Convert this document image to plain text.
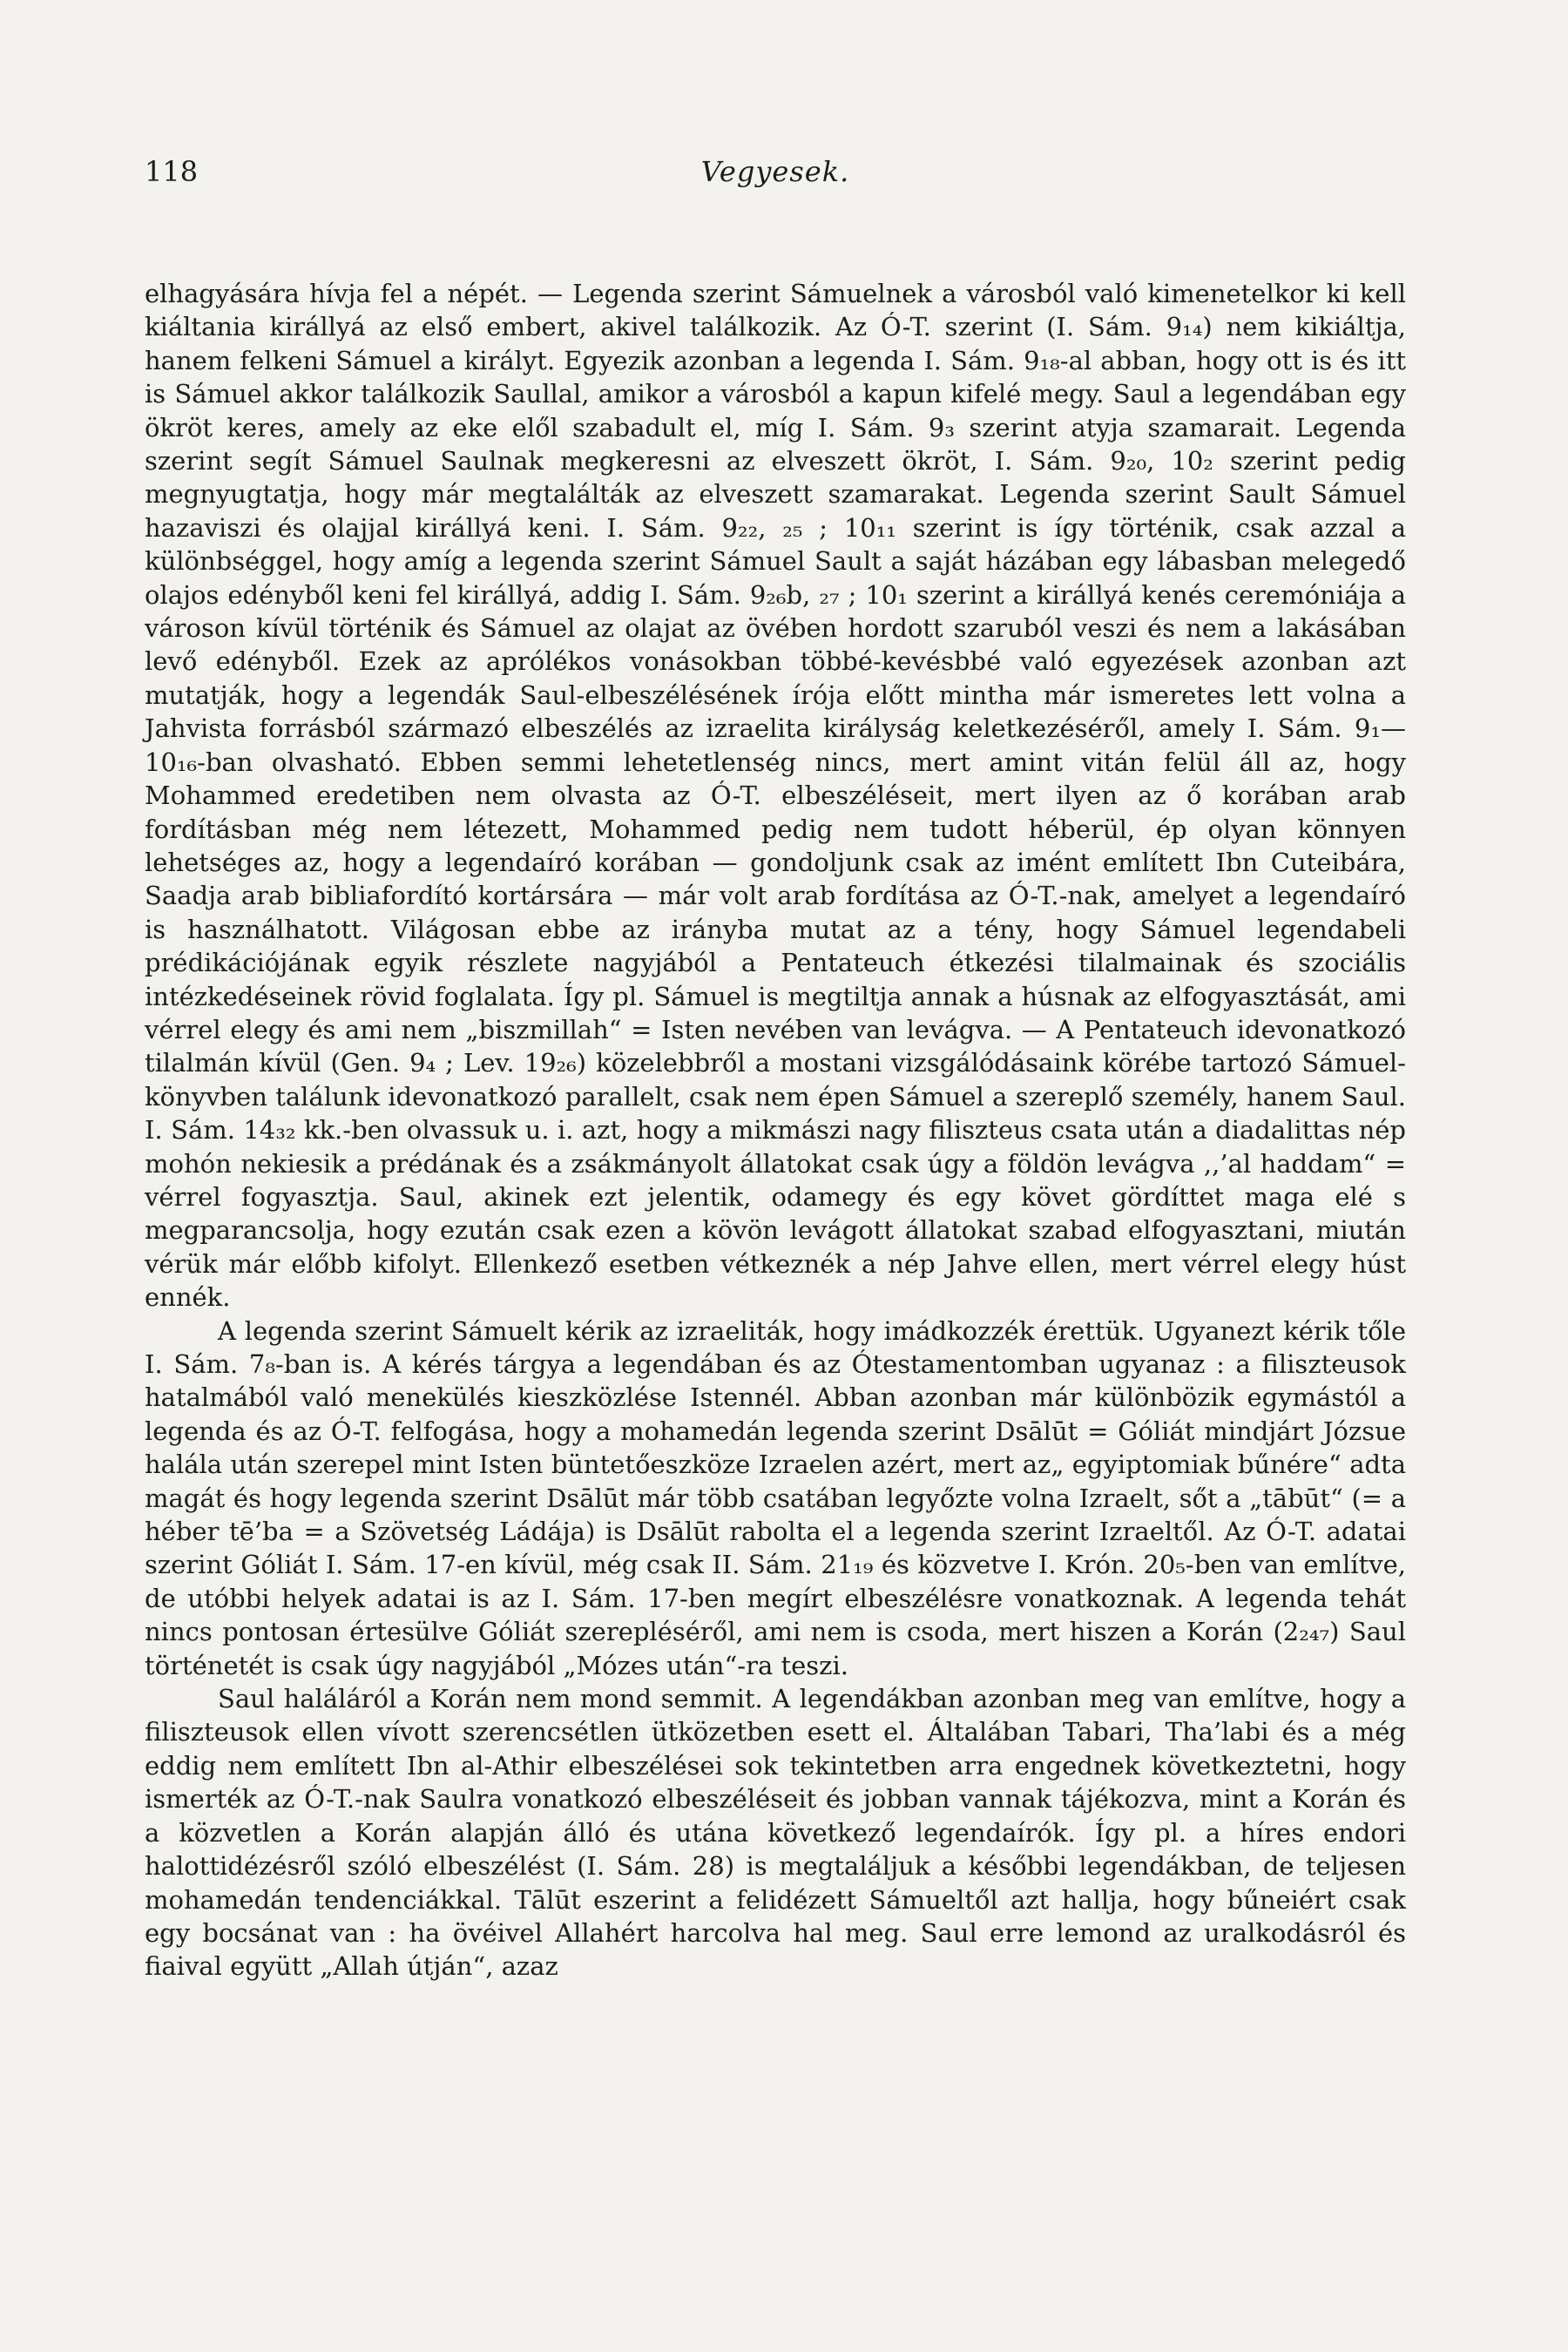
118	Vegyesek.

elhagyására hívja fel a népét. — Legenda szerint Sámuelnek a városból való kimenetelkor ki kell kiáltania királlyá az első embert, akivel találkozik. Az Ó-T. szerint (I. Sám. 9₁₄) nem kikiáltja, hanem felkeni Sámuel a királyt. Egyezik azonban a legenda I. Sám. 9₁₈-al abban, hogy ott is és itt is Sámuel akkor találkozik Saullal, amikor a városból a kapun kifelé megy. Saul a legendában egy ökröt keres, amely az eke elől szabadult el, míg I. Sám. 9₃ szerint atyja szamarait. Legenda szerint segít Sámuel Saulnak megkeresni az elveszett ökröt, I. Sám. 9₂₀, 10₂ szerint pedig megnyugtatja, hogy már megtalálták az elveszett szamarakat. Legenda szerint Sault Sámuel hazaviszi és olajjal királlyá keni. I. Sám. 9₂₂, ₂₅ ; 10₁₁ szerint is így történik, csak azzal a különbséggel, hogy amíg a legenda szerint Sámuel Sault a saját házában egy lábasban melegedő olajos edényből keni fel királlyá, addig I. Sám. 9₂₆b, ₂₇ ; 10₁ szerint a királlyá kenés ceremóniája a városon kívül történik és Sámuel az olajat az övében hordott szaruból veszi és nem a lakásában levő edényből. Ezek az aprólékos vonásokban többé-kevésbbé való egyezések azonban azt mutatják, hogy a legendák Saul-elbeszélésének írója előtt mintha már ismeretes lett volna a Jahvista forrásból származó elbeszélés az izraelita királyság keletkezéséről, amely I. Sám. 9₁—10₁₆-ban olvasható. Ebben semmi lehetetlenség nincs, mert amint vitán felül áll az, hogy Mohammed eredetiben nem olvasta az Ó-T. elbeszéléseit, mert ilyen az ő korában arab fordításban még nem létezett, Mohammed pedig nem tudott héberül, ép olyan könnyen lehetséges az, hogy a legendaíró korában — gondoljunk csak az imént említett Ibn Cuteibára, Saadja arab bibliafordító kortársára — már volt arab fordítása az Ó-T.-nak, amelyet a legendaíró is használhatott. Világosan ebbe az irányba mutat az a tény, hogy Sámuel legendabeli prédikációjának egyik részlete nagyjából a Pentateuch étkezési tilalmainak és szociális intézkedéseinek rövid foglalata. Így pl. Sámuel is megtiltja annak a húsnak az elfogyasztását, ami vérrel elegy és ami nem „biszmillah“ = Isten nevében van levágva. — A Pentateuch idevonatkozó tilalmán kívül (Gen. 9₄ ; Lev. 19₂₆) közelebbről a mostani vizsgálódásaink körébe tartozó Sámuel-könyvben találunk idevonatkozó parallelt, csak nem épen Sámuel a szereplő személy, hanem Saul. I. Sám. 14₃₂ kk.-ben olvassuk u. i. azt, hogy a mikmászi nagy filiszteus csata után a diadalittas nép mohón nekiesik a prédának és a zsákmányolt állatokat csak úgy a földön levágva ,,’al haddam“ = vérrel fogyasztja. Saul, akinek ezt jelentik, odamegy és egy követ gördíttet maga elé s megparancsolja, hogy ezután csak ezen a kövön levágott állatokat szabad elfogyasztani, miután vérük már előbb kifolyt. Ellenkező esetben vétkeznék a nép Jahve ellen, mert vérrel elegy húst ennék.

A legenda szerint Sámuelt kérik az izraeliták, hogy imádkozzék érettük. Ugyanezt kérik tőle I. Sám. 7₈-ban is. A kérés tárgya a legendában és az Ótestamentomban ugyanaz : a filiszteusok hatalmából való menekülés kieszközlése Istennél. Abban azonban már különbözik egymástól a legenda és az Ó-T. felfogása, hogy a mohamedán legenda szerint Dsālūt = Góliát mindjárt Józsue halála után szerepel mint Isten büntetőeszköze Izraelen azért, mert az„ egyiptomiak bűnére“ adta magát és hogy legenda szerint Dsālūt már több csatában legyőzte volna Izraelt, sőt a „tābūt“ (= a héber tē’ba = a Szövetség Ládája) is Dsālūt rabolta el a legenda szerint Izraeltől. Az Ó-T. adatai szerint Góliát I. Sám. 17-en kívül, még csak II. Sám. 21₁₉ és közvetve I. Krón. 20₅-ben van említve, de utóbbi helyek adatai is az I. Sám. 17-ben megírt elbeszélésre vonatkoznak. A legenda tehát nincs pontosan értesülve Góliát szerepléséről, ami nem is csoda, mert hiszen a Korán (2₂₄₇) Saul történetét is csak úgy nagyjából „Mózes után“-ra teszi.

Saul haláláról a Korán nem mond semmit. A legendákban azonban meg van említve, hogy a filiszteusok ellen vívott szerencsétlen ütközetben esett el. Általában Tabari, Tha’labi és a még eddig nem említett Ibn al-Athir elbeszélései sok tekintetben arra engednek következtetni, hogy ismerték az Ó-T.-nak Saulra vonatkozó elbeszéléseit és jobban vannak tájékozva, mint a Korán és a közvetlen a Korán alapján álló és utána következő legendaírók. Így pl. a híres endori halottidézésről szóló elbeszélést (I. Sám. 28) is megtaláljuk a későbbi legendákban, de teljesen mohamedán tendenciákkal. Tālūt eszerint a felidézett Sámueltől azt hallja, hogy bűneiért csak egy bocsánat van : ha övéivel Allahért harcolva hal meg. Saul erre lemond az uralkodásról és fiaival együtt „Allah útján“, azaz
